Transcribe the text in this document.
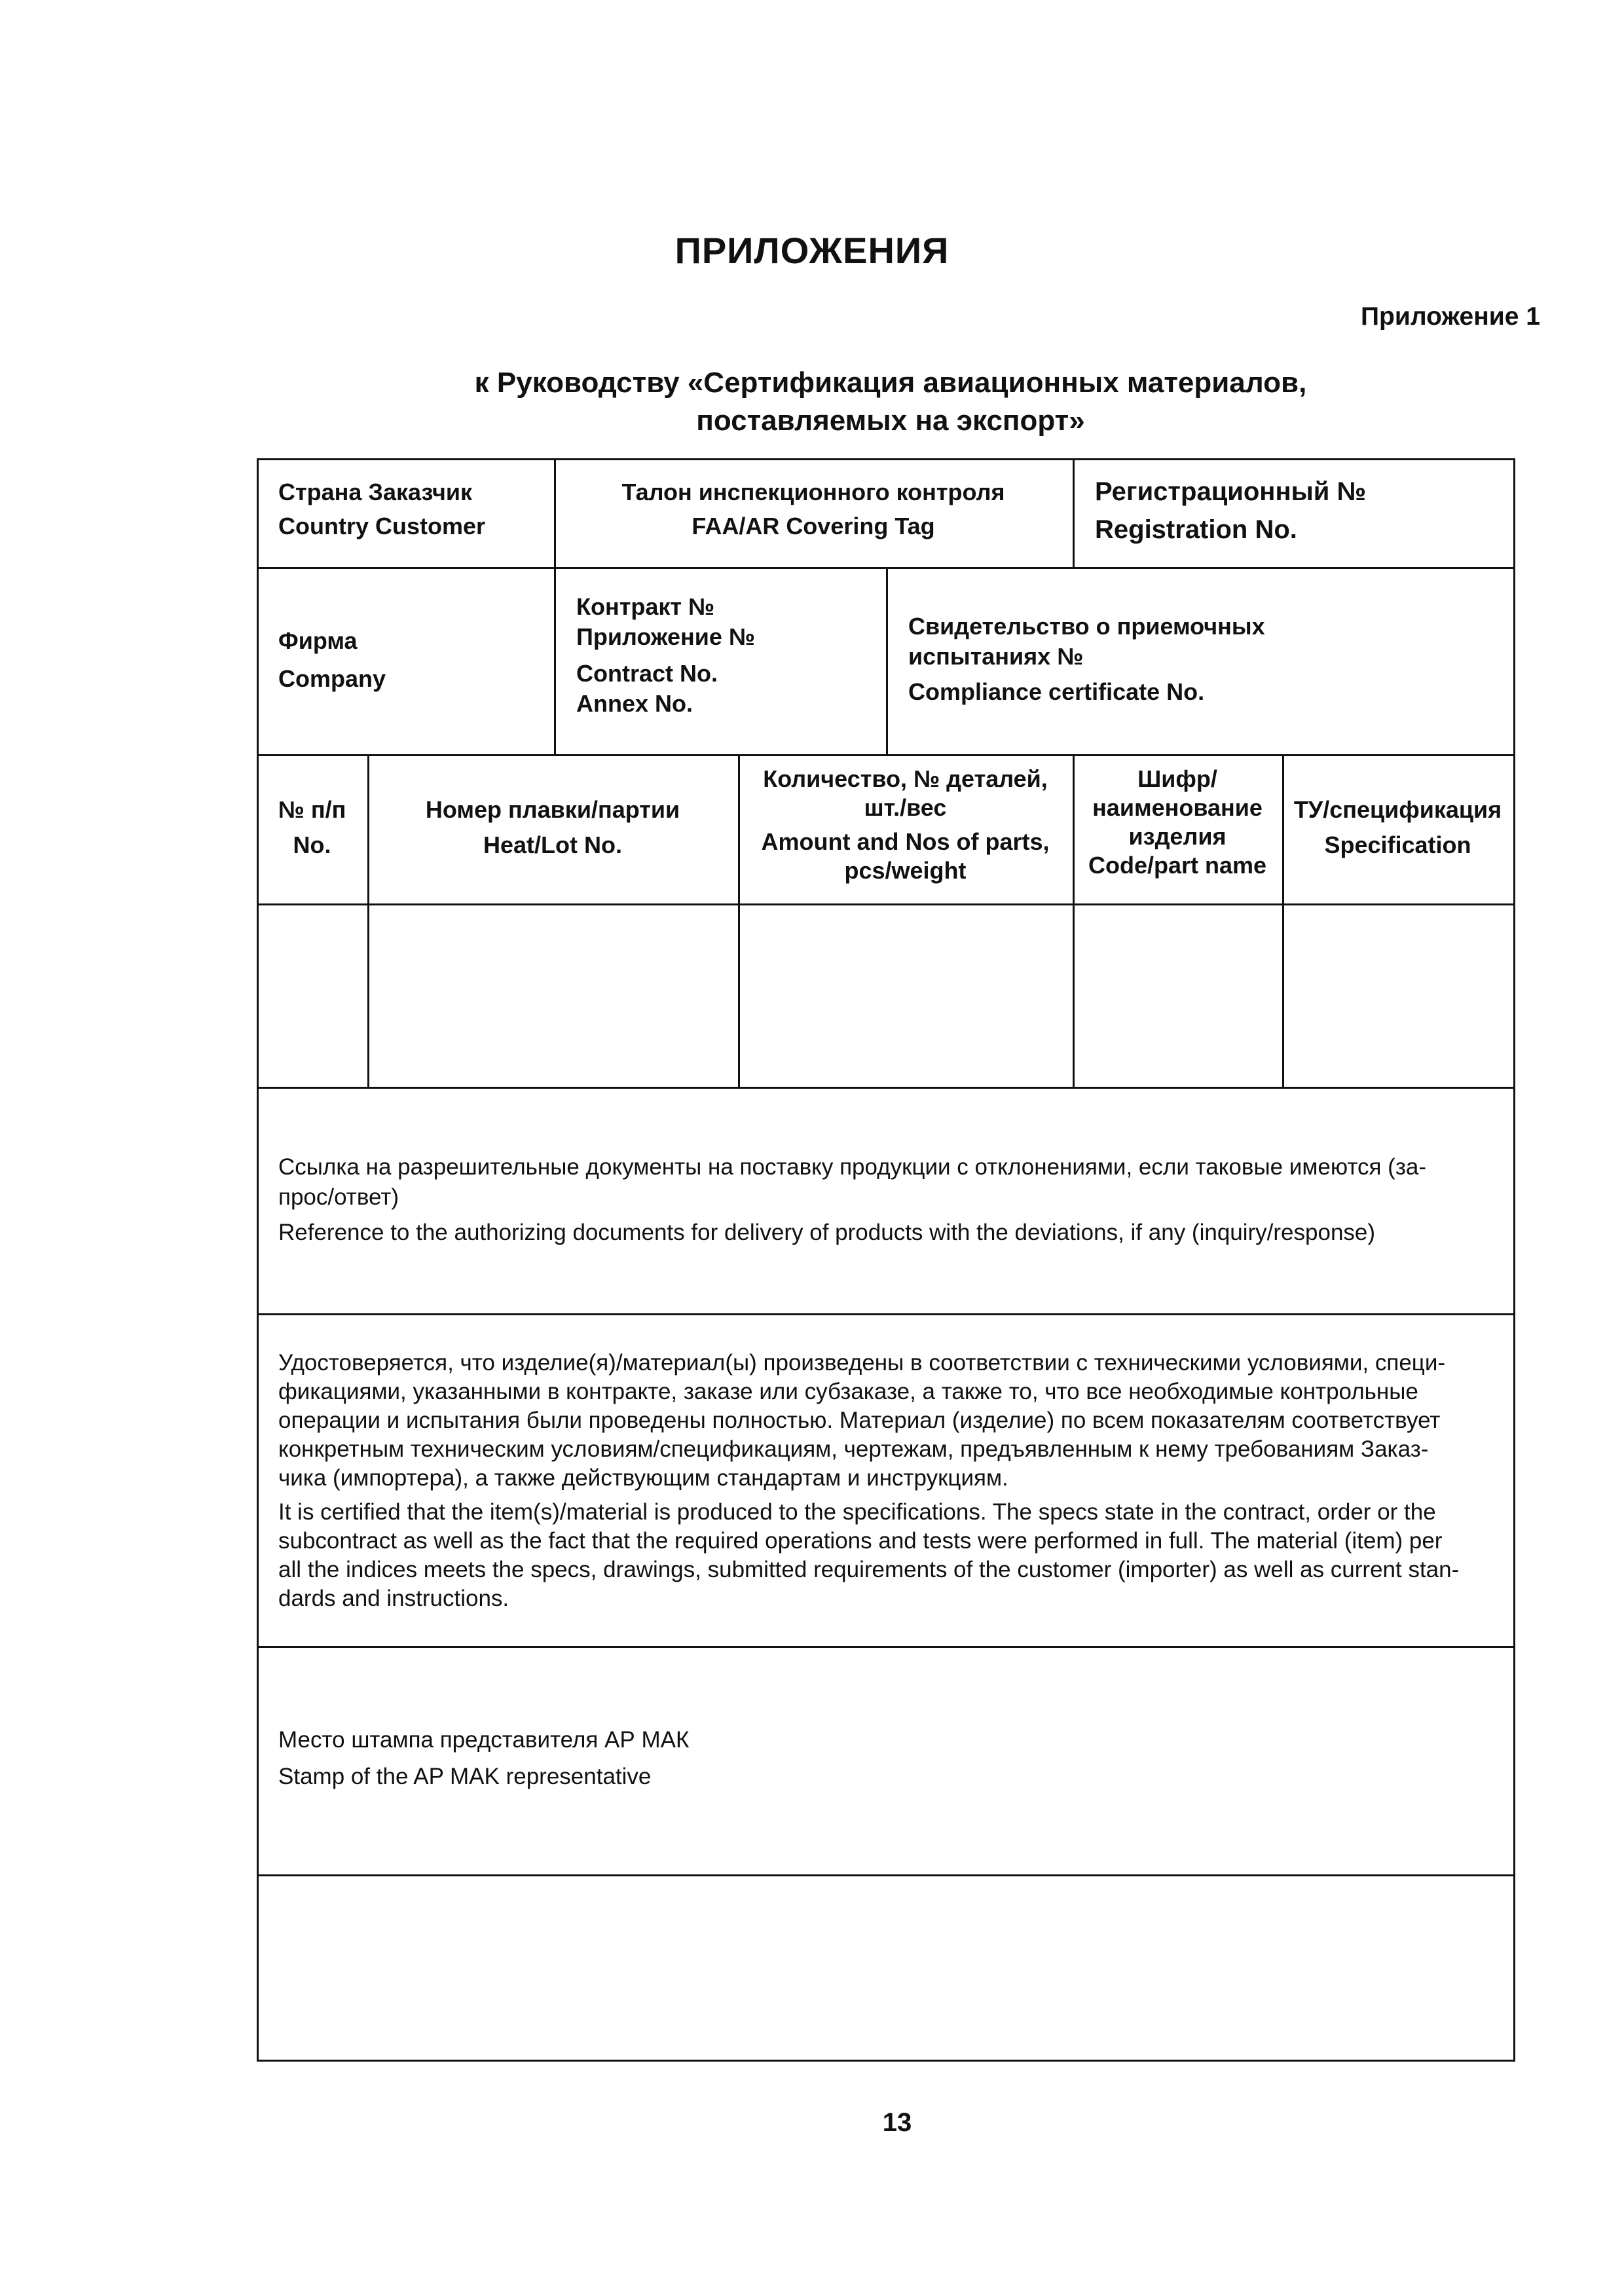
ПРИЛОЖЕНИЯ
Приложение 1
к Руководству «Сертификация авиационных материалов,
поставляемых на экспорт»
Страна Заказчик
Country Customer
Талон инспекционного контроля
FAA/AR Covering Tag
Регистрационный №
Registration No.
Фирма
Company
Контракт №
Приложение №
Contract No.
Annex No.
Свидетельство о приемочных
испытаниях №
Compliance certificate No.
№ п/п
No.
Номер плавки/партии
Heat/Lot No.
Количество, № деталей,
шт./вес
Amount and Nos of parts,
pcs/weight
Шифр/
наименование
изделия
Code/part name
ТУ/спецификация
Specification
Ссылка на разрешительные документы на поставку продукции с отклонениями, если таковые имеются (за-
прос/ответ)
Reference to the authorizing documents for delivery of products with the deviations, if any (inquiry/response)
Удостоверяется, что изделие(я)/материал(ы) произведены в соответствии с техническими условиями, специ-
фикациями, указанными в контракте, заказе или субзаказе, а также то, что все необходимые контрольные
операции и испытания были проведены полностью. Материал (изделие) по всем показателям соответствует
конкретным техническим условиям/спецификациям, чертежам, предъявленным к нему требованиям Заказ-
чика (импортера), а также действующим стандартам и инструкциям.
It is certified that the item(s)/material is produced to the specifications. The specs state in the contract, order or the
subcontract as well as the fact that the required operations and tests were performed in full. The material (item) per
all the indices meets the specs, drawings, submitted requirements of the customer (importer) as well as current stan-
dards and instructions.
Место штампа представителя АР МАК
Stamp of the AP MAK representative
13
